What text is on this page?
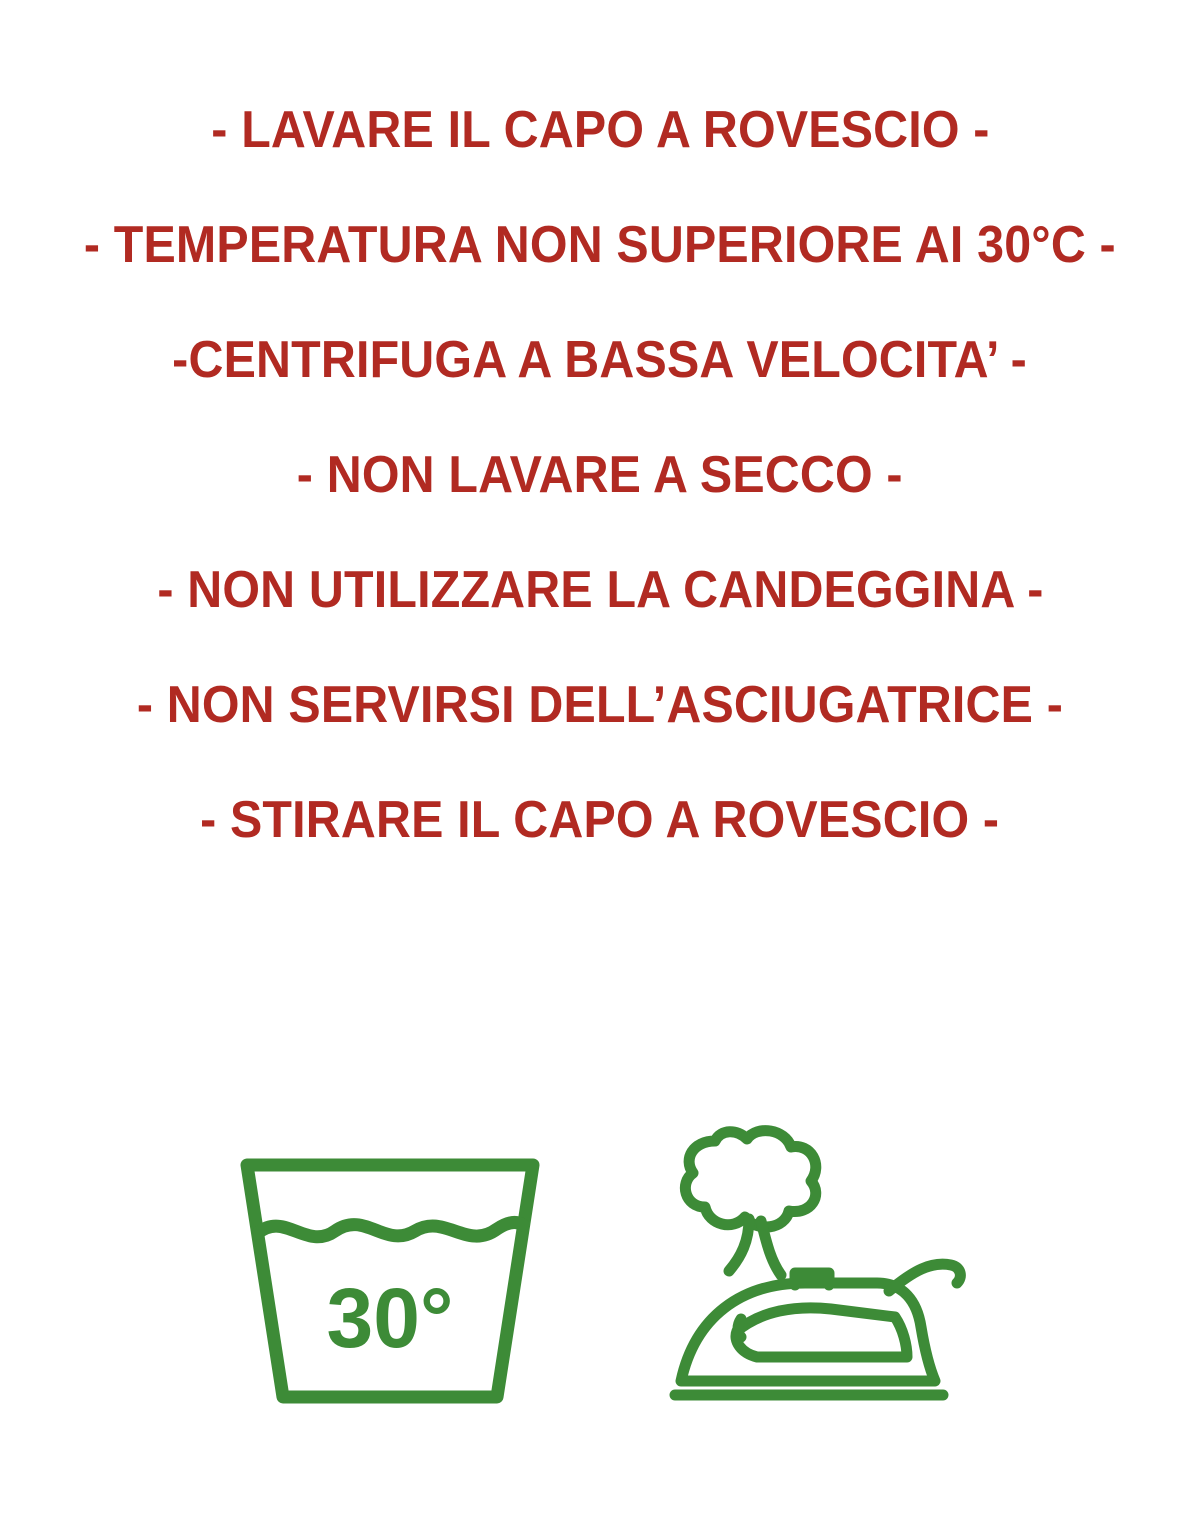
- LAVARE IL CAPO A ROVESCIO -

- TEMPERATURA NON SUPERIORE AI 30°C -

-CENTRIFUGA A BASSA VELOCITA’ -

- NON LAVARE A SECCO -

- NON UTILIZZARE LA CANDEGGINA -

- NON SERVIRSI DELL’ASCIUGATRICE -

- STIRARE IL CAPO A ROVESCIO -

30°
